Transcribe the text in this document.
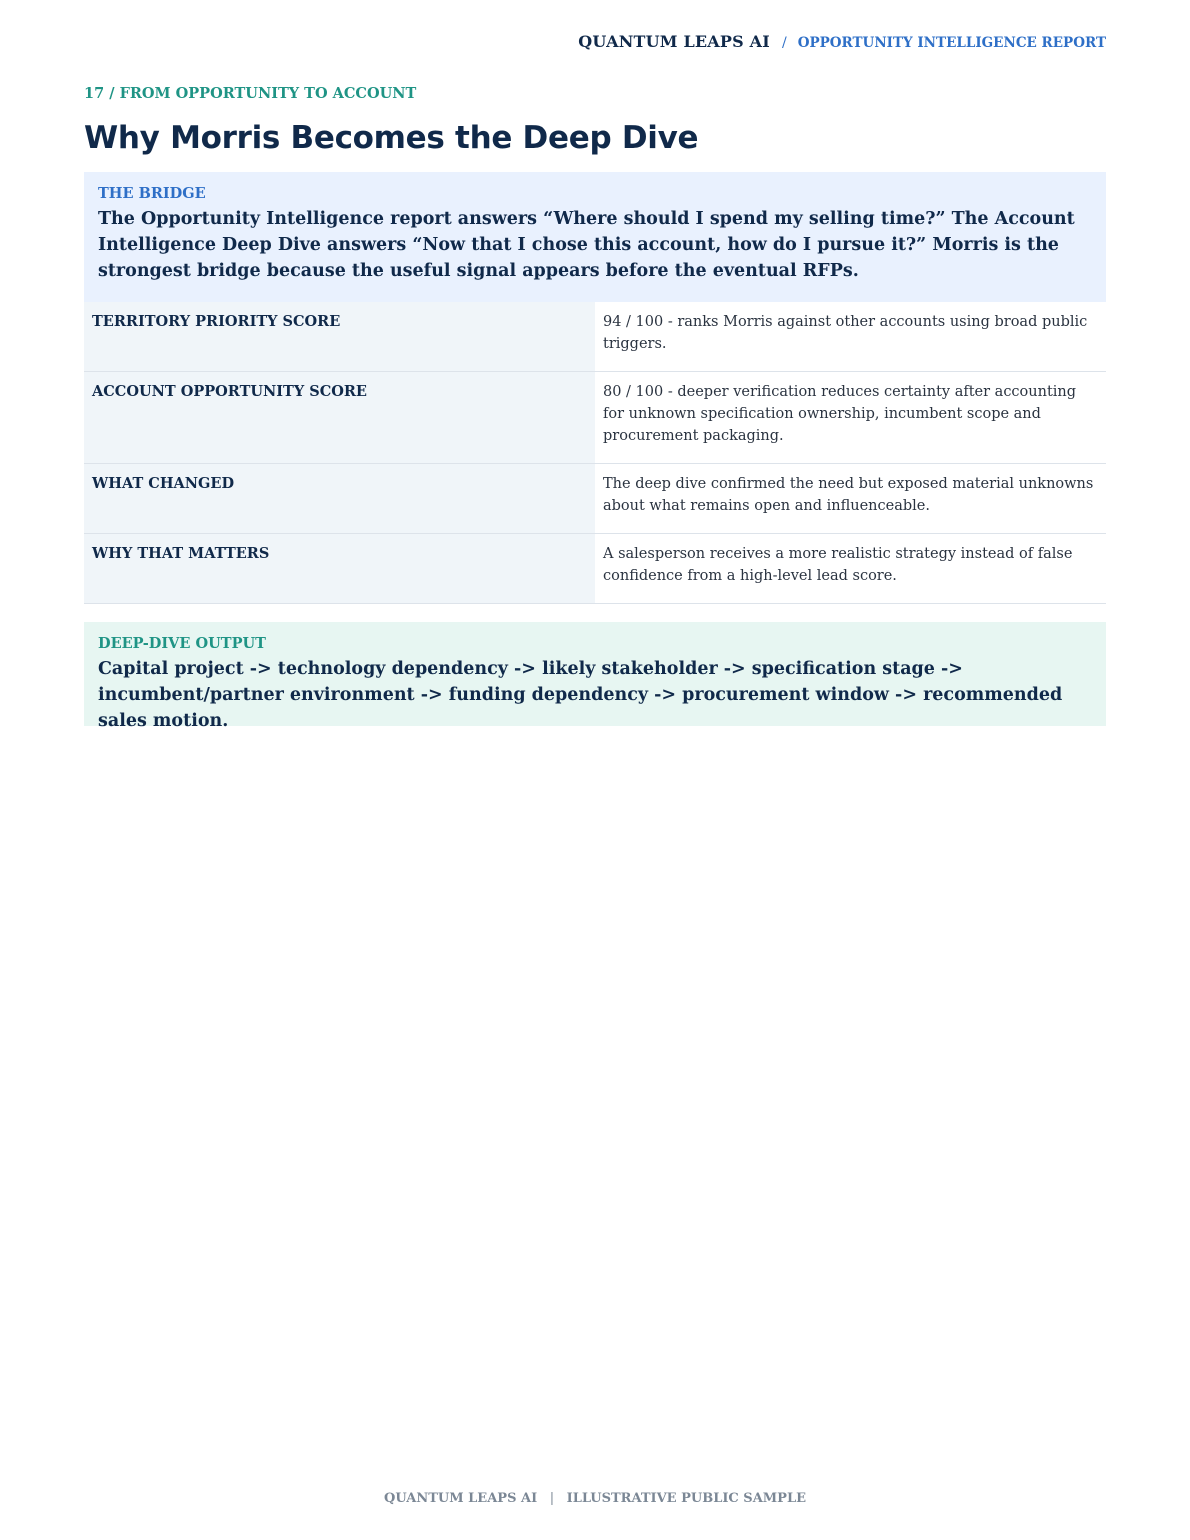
QUANTUM LEAPS AI / OPPORTUNITY INTELLIGENCE REPORT
17 / FROM OPPORTUNITY TO ACCOUNT
Why Morris Becomes the Deep Dive
THE BRIDGE
The Opportunity Intelligence report answers “Where should I spend my selling time?” The Account Intelligence Deep Dive answers “Now that I chose this account, how do I pursue it?” Morris is the strongest bridge because the useful signal appears before the eventual RFPs.
TERRITORY PRIORITY SCORE	94 / 100 - ranks Morris against other accounts using broad public triggers.
ACCOUNT OPPORTUNITY SCORE	80 / 100 - deeper verification reduces certainty after accounting for unknown specification ownership, incumbent scope and procurement packaging.
WHAT CHANGED	The deep dive confirmed the need but exposed material unknowns about what remains open and influenceable.
WHY THAT MATTERS	A salesperson receives a more realistic strategy instead of false confidence from a high-level lead score.
DEEP-DIVE OUTPUT
Capital project -> technology dependency -> likely stakeholder -> specification stage -> incumbent/partner environment -> funding dependency -> procurement window -> recommended sales motion.
QUANTUM LEAPS AI | ILLUSTRATIVE PUBLIC SAMPLE
